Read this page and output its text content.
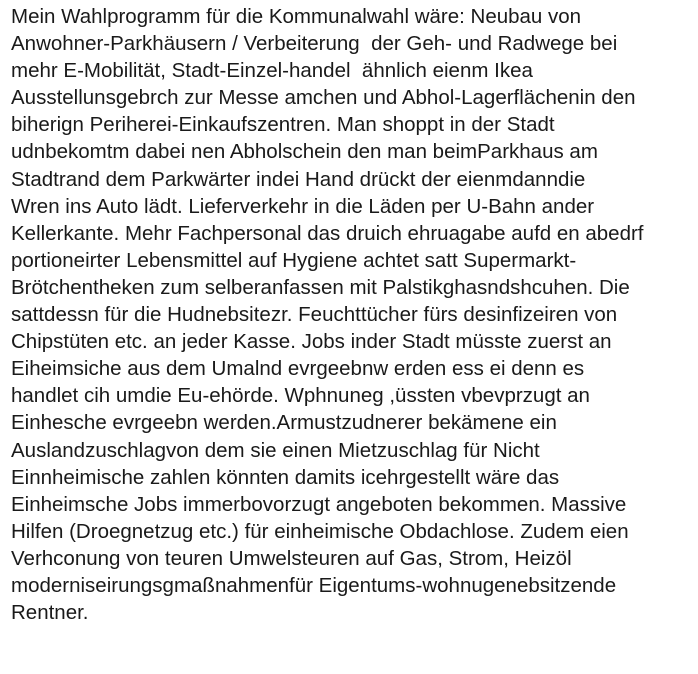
Mein Wahlprogramm für die Kommunalwahl wäre: Neubau von
Anwohner-Parkhäusern / Verbeiterung  der Geh- und Radwege bei
mehr E-Mobilität, Stadt-Einzel-handel  ähnlich eienm Ikea
Ausstellunsgebrch zur Messe amchen und Abhol-Lagerflächenin den
biherign Periherei-Einkaufszentren. Man shoppt in der Stadt
udnbekomtm dabei nen Abholschein den man beimParkhaus am
Stadtrand dem Parkwärter indei Hand drückt der eienmdanndie
Wren ins Auto lädt. Lieferverkehr in die Läden per U-Bahn ander
Kellerkante. Mehr Fachpersonal das druich ehruagabe aufd en abedrf
portioneirter Lebensmittel auf Hygiene achtet satt Supermarkt-
Brötchentheken zum selberanfassen mit Palstikghasndshcuhen. Die
sattdessn für die Hudnebsitezr. Feuchttücher fürs desinfizeiren von
Chipstüten etc. an jeder Kasse. Jobs inder Stadt müsste zuerst an
Eiheimsiche aus dem Umalnd evrgeebnw erden ess ei denn es
handlet cih umdie Eu-ehörde. Wphnuneg ,üssten vbevprzugt an
Einhesche evrgeebn werden.Armustzudnerer bekämene ein
Auslandzuschlagvon dem sie einen Mietzuschlag für Nicht
Einnheimische zahlen könnten damits icehrgestellt wäre das
Einheimsche Jobs immerbovorzugt angeboten bekommen. Massive
Hilfen (Droegnetzug etc.) für einheimische Obdachlose. Zudem eien
Verhconung von teuren Umwelsteuren auf Gas, Strom, Heizöl
moderniseirungsgmaßnahmenfür Eigentums-wohnugenebsitzende
Rentner.
